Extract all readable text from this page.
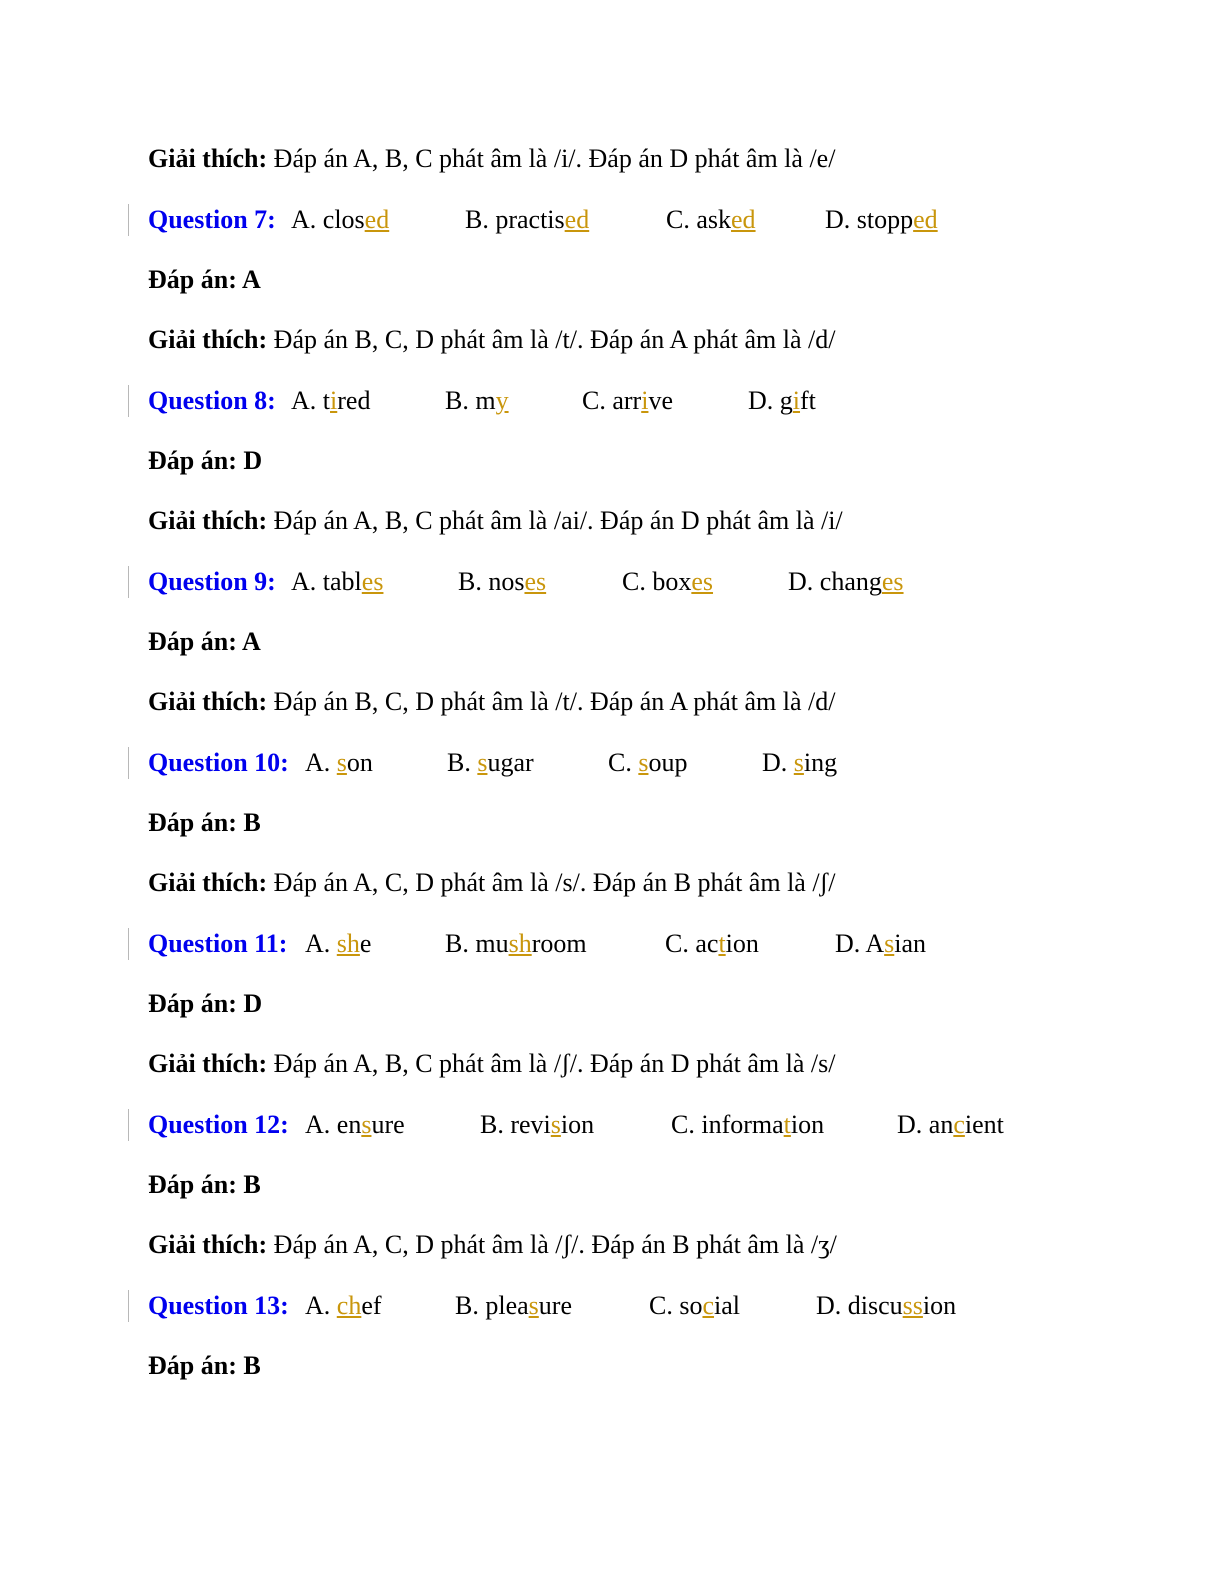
Giải thích: Đáp án A, B, C phát âm là /i/. Đáp án D phát âm là /e/
Question 7: A. closed	B. practised	C. asked	D. stopped
Đáp án: A
Giải thích: Đáp án B, C, D phát âm là /t/. Đáp án A phát âm là /d/
Question 8: A. tired	B. my	C. arrive	D. gift
Đáp án: D
Giải thích: Đáp án A, B, C phát âm là /ai/. Đáp án D phát âm là /i/
Question 9: A. tables	B. noses	C. boxes	D. changes
Đáp án: A
Giải thích: Đáp án B, C, D phát âm là /t/. Đáp án A phát âm là /d/
Question 10: A. son	B. sugar	C. soup	D. sing
Đáp án: B
Giải thích: Đáp án A, C, D phát âm là /s/. Đáp án B phát âm là /ʃ/
Question 11: A. she	B. mushroom	C. action	D. Asian
Đáp án: D
Giải thích: Đáp án A, B, C phát âm là /ʃ/. Đáp án D phát âm là /s/
Question 12: A. ensure	B. revision	C. information	D. ancient
Đáp án: B
Giải thích: Đáp án A, C, D phát âm là /ʃ/. Đáp án B phát âm là /ʒ/
Question 13: A. chef	B. pleasure	C. social	D. discussion
Đáp án: B
